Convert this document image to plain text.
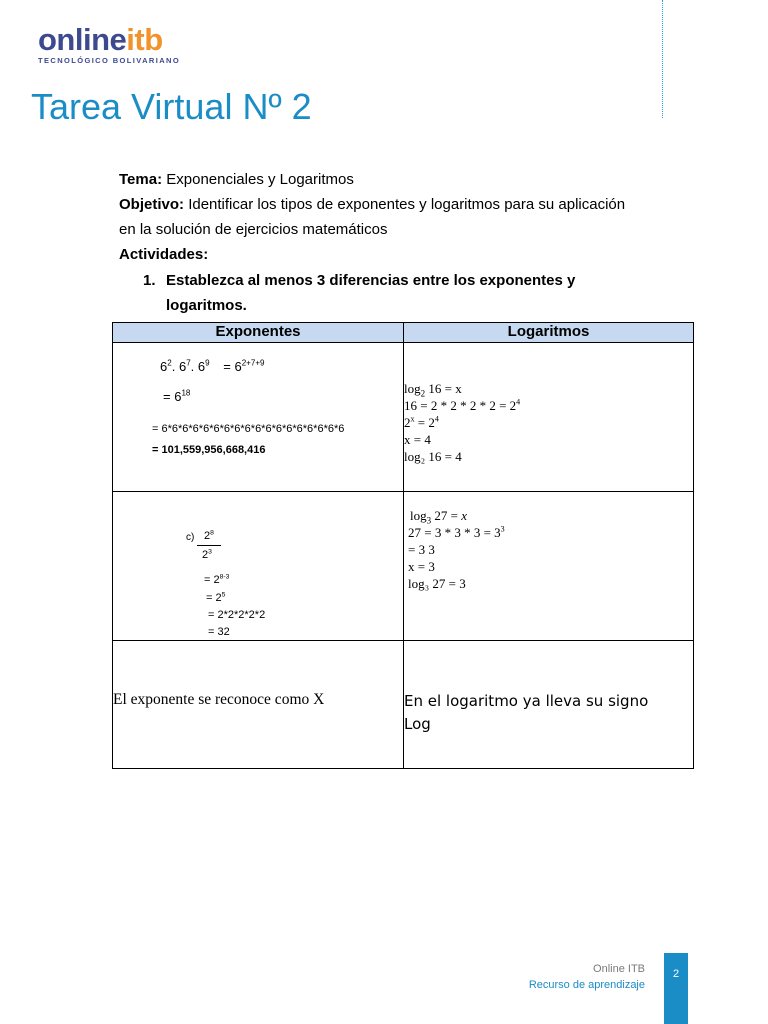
onlineitb
TECNOLÓGICO BOLIVARIANO
Tarea Virtual Nº 2
Tema: Exponenciales y Logaritmos
Objetivo: Identificar los tipos de exponentes y logaritmos para su aplicación
en la solución de ejercicios matemáticos
Actividades:
1. Establezca al menos 3 diferencias entre los exponentes y
logaritmos.
Exponentes	Logaritmos
$6^2$. $6^7$. $6^9 = 6^{2+7+9}$
= $6^{18}$
= 6*6*6*6*6*6*6*6*6*6*6*6*6*6*6*6*6*6
= 101,559,956,668,416
$\log_2 16 = x$
$16 = 2 * 2 * 2 * 2 = 2^4$
$2^x = 2^4$
x = 4
log₂ 16 = 4
c) $2^8$
$2^3$
= $2^{8-3}$
= $2^5$
= 2*2*2*2*2
= 32
$\log_3 27 = x$
$27 = 3 * 3 * 3 = 3^3$
= 3 3
x = 3
log₃ 27 = 3
El exponente se reconoce como X	En el logaritmo ya lleva su signo
Log
Online ITB
Recurso de aprendizaje
2
